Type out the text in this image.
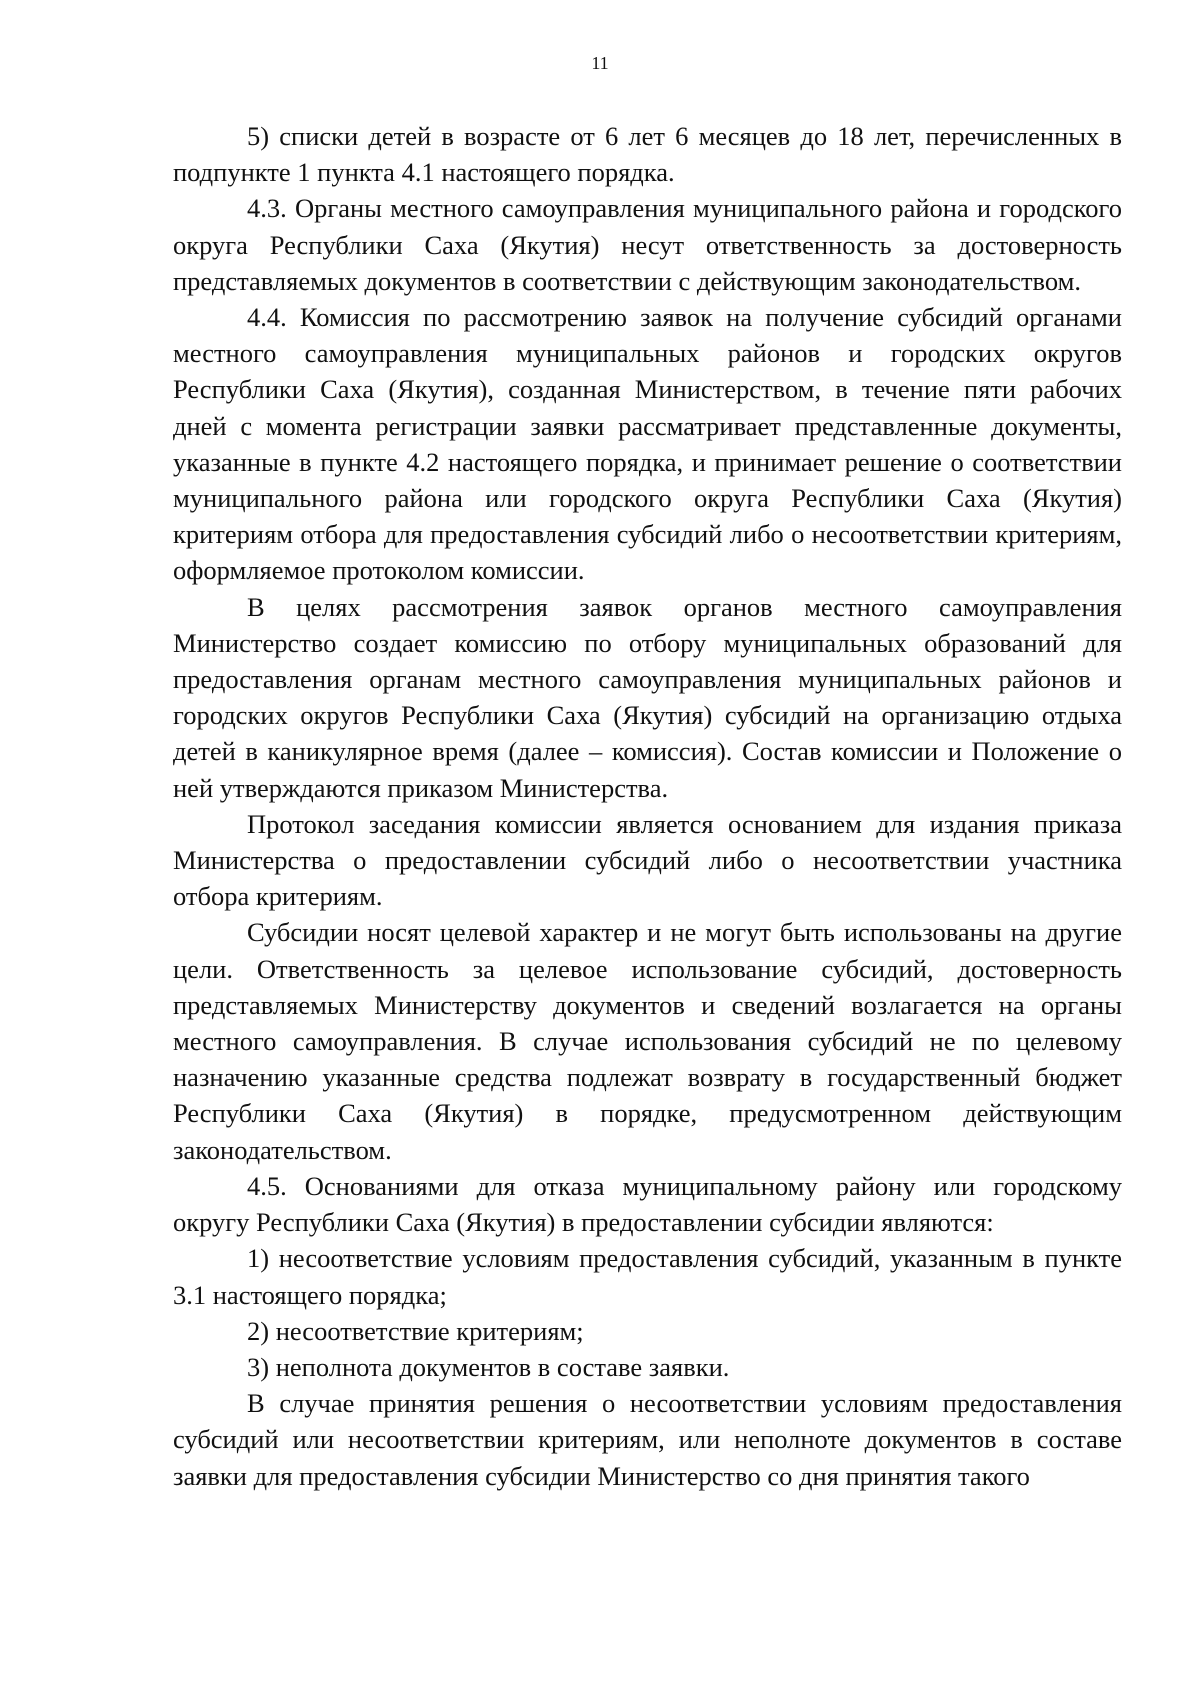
11

5) списки детей в возрасте от 6 лет 6 месяцев до 18 лет, перечисленных в подпункте 1 пункта 4.1 настоящего порядка.

4.3. Органы местного самоуправления муниципального района и городского округа Республики Саха (Якутия) несут ответственность за достоверность представляемых документов в соответствии с действующим законодательством.

4.4. Комиссия по рассмотрению заявок на получение субсидий органами местного самоуправления муниципальных районов и городских округов Республики Саха (Якутия), созданная Министерством, в течение пяти рабочих дней с момента регистрации заявки рассматривает представленные документы, указанные в пункте 4.2 настоящего порядка, и принимает решение о соответствии муниципального района или городского округа Республики Саха (Якутия) критериям отбора для предоставления субсидий либо о несоответствии критериям, оформляемое протоколом комиссии.

В целях рассмотрения заявок органов местного самоуправления Министерство создает комиссию по отбору муниципальных образований для предоставления органам местного самоуправления муниципальных районов и городских округов Республики Саха (Якутия) субсидий на организацию отдыха детей в каникулярное время (далее – комиссия). Состав комиссии и Положение о ней утверждаются приказом Министерства.

Протокол заседания комиссии является основанием для издания приказа Министерства о предоставлении субсидий либо о несоответствии участника отбора критериям.

Субсидии носят целевой характер и не могут быть использованы на другие цели. Ответственность за целевое использование субсидий, достоверность представляемых Министерству документов и сведений возлагается на органы местного самоуправления. В случае использования субсидий не по целевому назначению указанные средства подлежат возврату в государственный бюджет Республики Саха (Якутия) в порядке, предусмотренном действующим законодательством.

4.5. Основаниями для отказа муниципальному району или городскому округу Республики Саха (Якутия) в предоставлении субсидии являются:

1) несоответствие условиям предоставления субсидий, указанным в пункте 3.1 настоящего порядка;

2) несоответствие критериям;

3) неполнота документов в составе заявки.

В случае принятия решения о несоответствии условиям предоставления субсидий или несоответствии критериям, или неполноте документов в составе заявки для предоставления субсидии Министерство со дня принятия такого
